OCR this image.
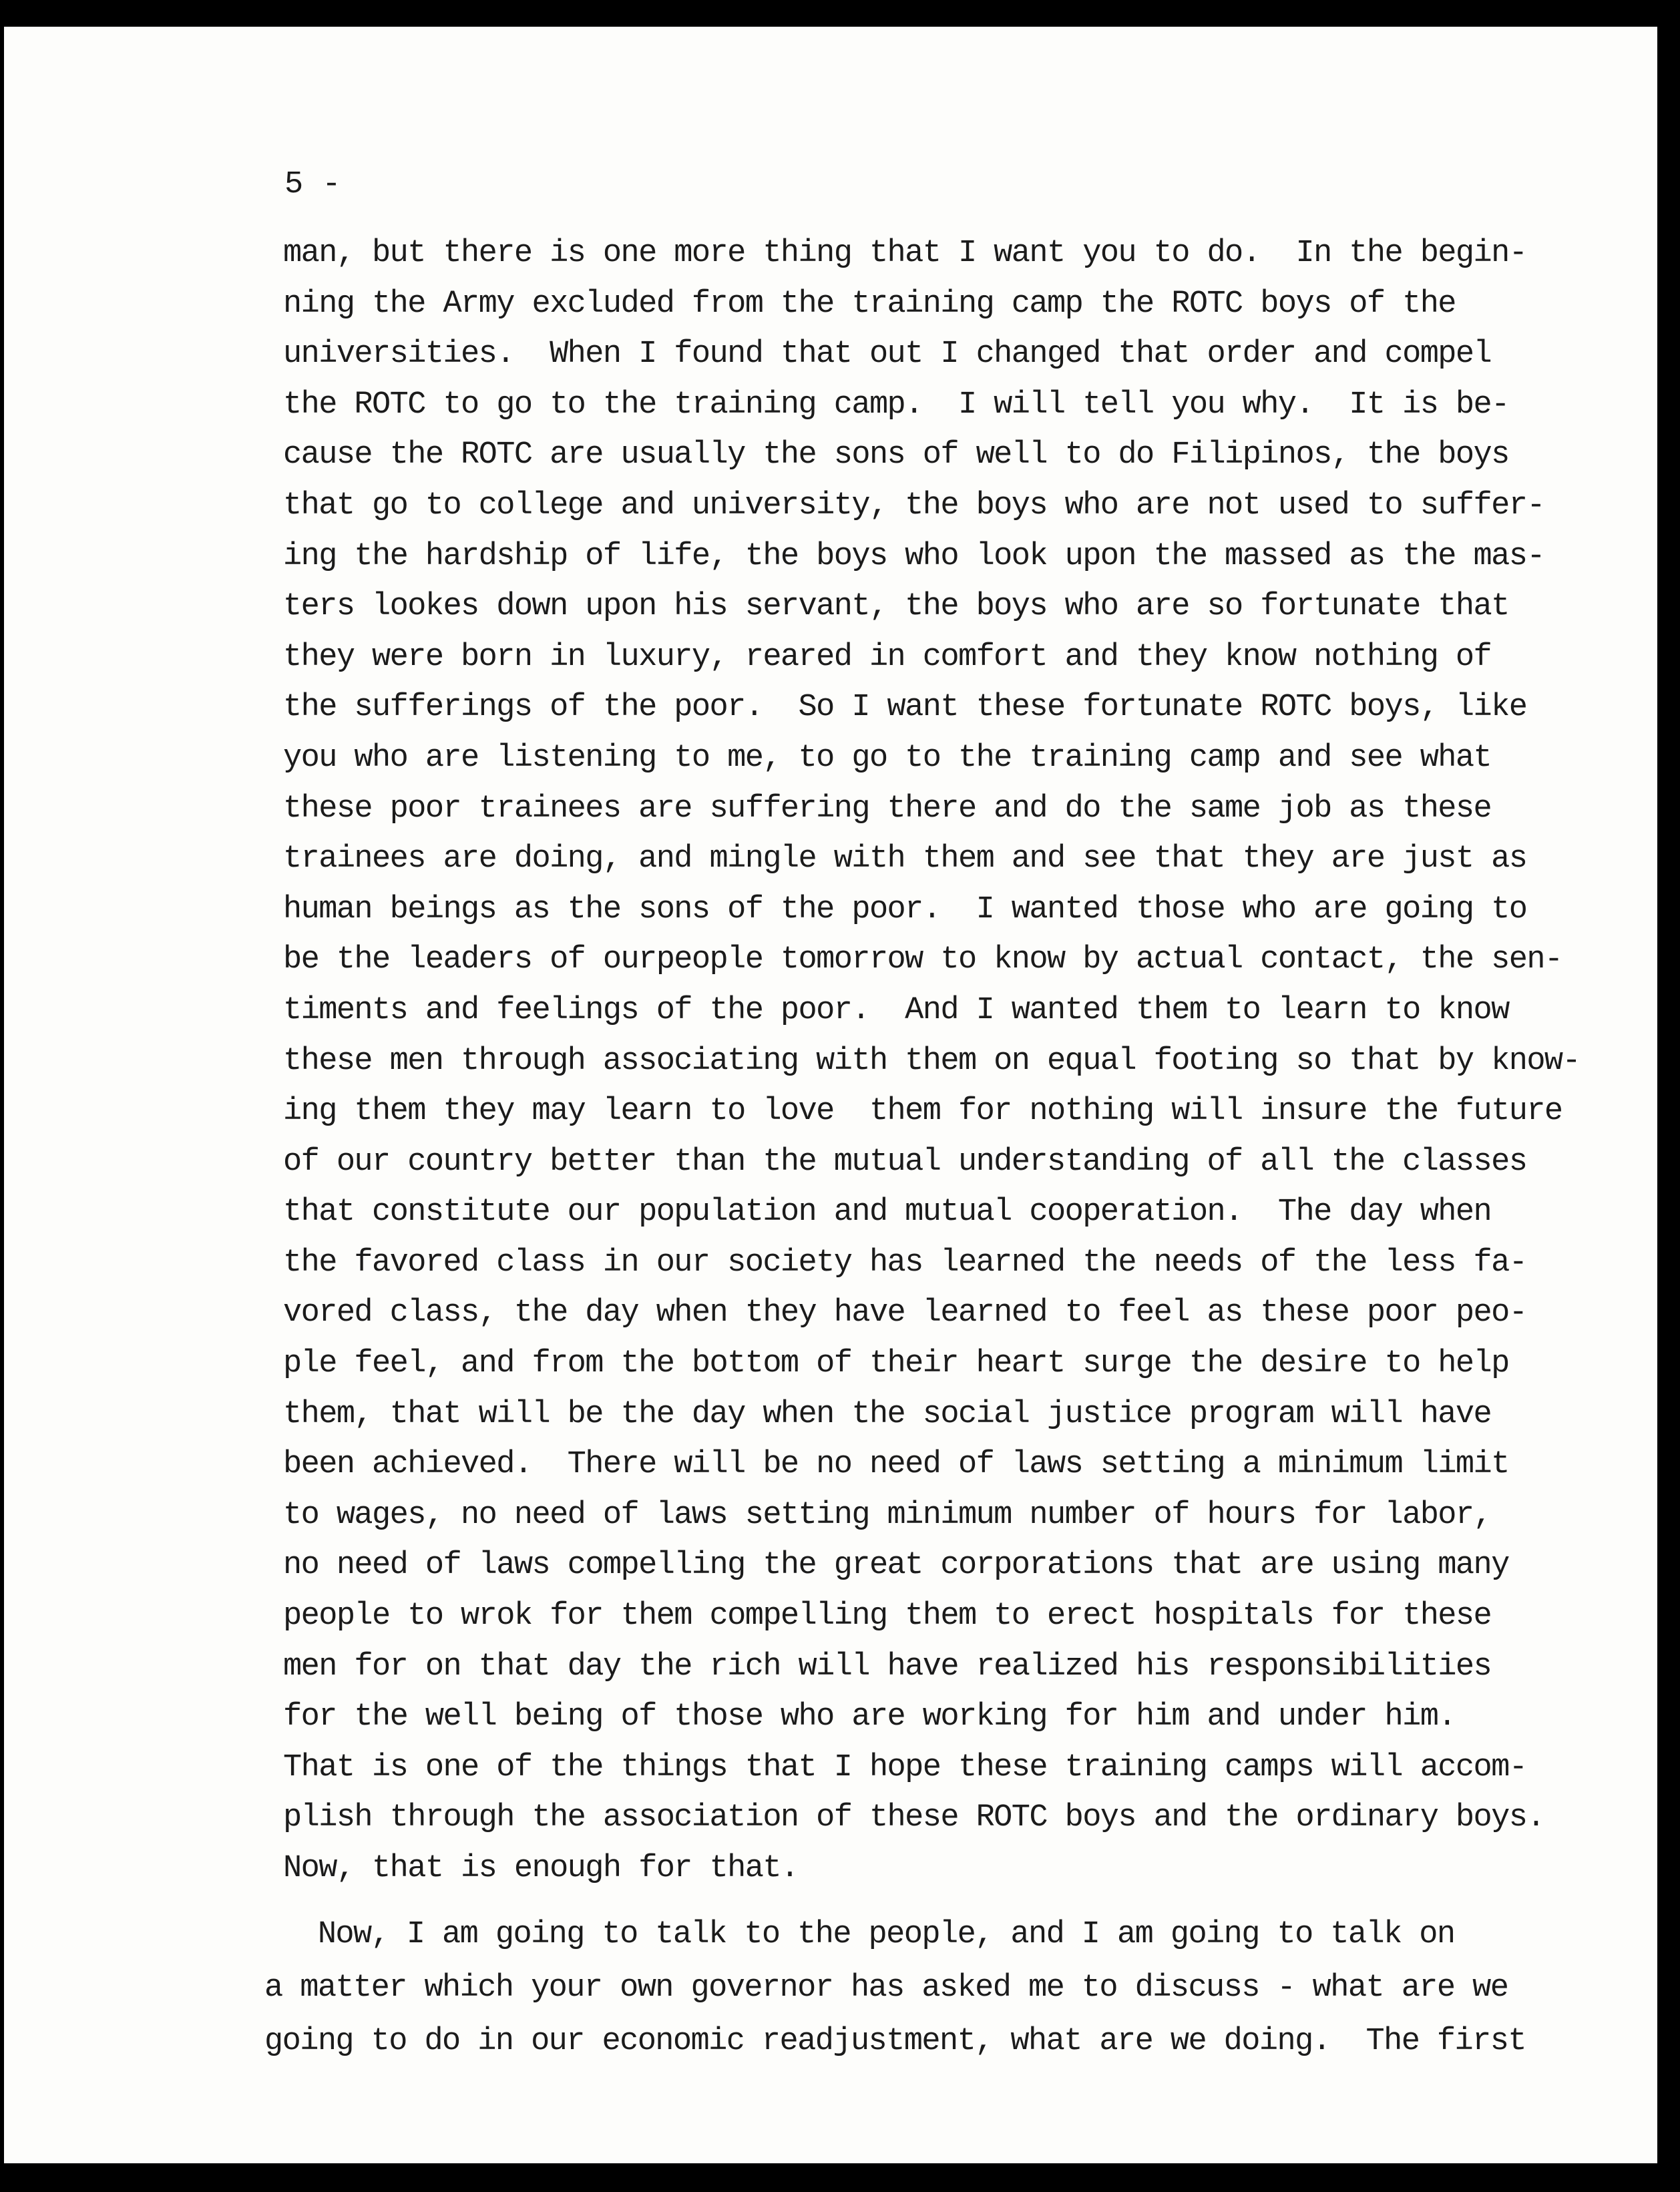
5 -

man, but there is one more thing that I want you to do.  In the begin-
ning the Army excluded from the training camp the ROTC boys of the
universities.  When I found that out I changed that order and compel
the ROTC to go to the training camp.  I will tell you why.  It is be-
cause the ROTC are usually the sons of well to do Filipinos, the boys
that go to college and university, the boys who are not used to suffer-
ing the hardship of life, the boys who look upon the massed as the mas-
ters lookes down upon his servant, the boys who are so fortunate that
they were born in luxury, reared in comfort and they know nothing of
the sufferings of the poor.  So I want these fortunate ROTC boys, like
you who are listening to me, to go to the training camp and see what
these poor trainees are suffering there and do the same job as these
trainees are doing, and mingle with them and see that they are just as
human beings as the sons of the poor.  I wanted those who are going to
be the leaders of ourpeople tomorrow to know by actual contact, the sen-
timents and feelings of the poor.  And I wanted them to learn to know
these men through associating with them on equal footing so that by know-
ing them they may learn to love  them for nothing will insure the future
of our country better than the mutual understanding of all the classes
that constitute our population and mutual cooperation.  The day when
the favored class in our society has learned the needs of the less fa-
vored class, the day when they have learned to feel as these poor peo-
ple feel, and from the bottom of their heart surge the desire to help
them, that will be the day when the social justice program will have
been achieved.  There will be no need of laws setting a minimum limit
to wages, no need of laws setting minimum number of hours for labor,
no need of laws compelling the great corporations that are using many
people to wrok for them compelling them to erect hospitals for these
men for on that day the rich will have realized his responsibilities
for the well being of those who are working for him and under him.
That is one of the things that I hope these training camps will accom-
plish through the association of these ROTC boys and the ordinary boys.
Now, that is enough for that.
Now, I am going to talk to the people, and I am going to talk on
a matter which your own governor has asked me to discuss - what are we
going to do in our economic readjustment, what are we doing.  The first
